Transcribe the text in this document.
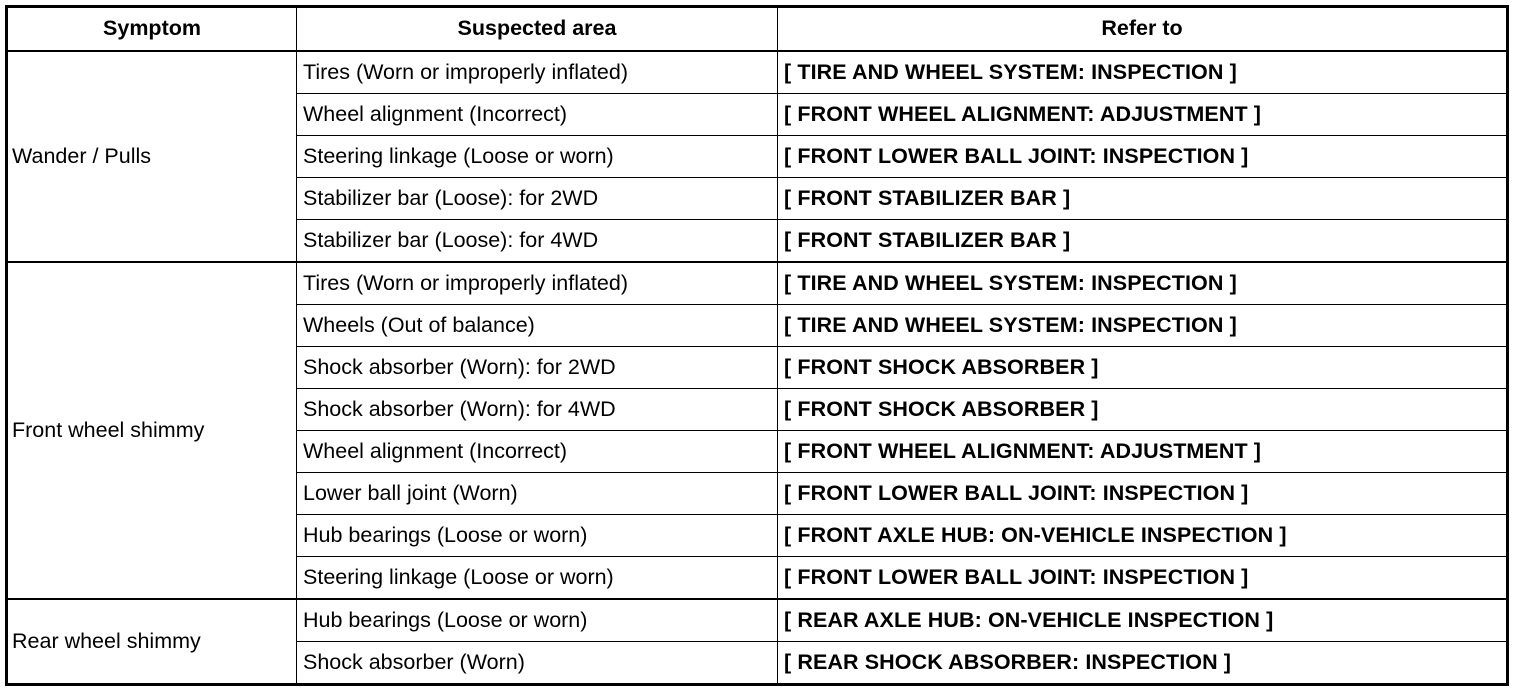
Symptom	Suspected area	Refer to
Wander / Pulls	Tires (Worn or improperly inflated)	[ TIRE AND WHEEL SYSTEM: INSPECTION ]
	Wheel alignment (Incorrect)	[ FRONT WHEEL ALIGNMENT: ADJUSTMENT ]
	Steering linkage (Loose or worn)	[ FRONT LOWER BALL JOINT: INSPECTION ]
	Stabilizer bar (Loose): for 2WD	[ FRONT STABILIZER BAR ]
	Stabilizer bar (Loose): for 4WD	[ FRONT STABILIZER BAR ]
Front wheel shimmy	Tires (Worn or improperly inflated)	[ TIRE AND WHEEL SYSTEM: INSPECTION ]
	Wheels (Out of balance)	[ TIRE AND WHEEL SYSTEM: INSPECTION ]
	Shock absorber (Worn): for 2WD	[ FRONT SHOCK ABSORBER ]
	Shock absorber (Worn): for 4WD	[ FRONT SHOCK ABSORBER ]
	Wheel alignment (Incorrect)	[ FRONT WHEEL ALIGNMENT: ADJUSTMENT ]
	Lower ball joint (Worn)	[ FRONT LOWER BALL JOINT: INSPECTION ]
	Hub bearings (Loose or worn)	[ FRONT AXLE HUB: ON-VEHICLE INSPECTION ]
	Steering linkage (Loose or worn)	[ FRONT LOWER BALL JOINT: INSPECTION ]
Rear wheel shimmy	Hub bearings (Loose or worn)	[ REAR AXLE HUB: ON-VEHICLE INSPECTION ]
	Shock absorber (Worn)	[ REAR SHOCK ABSORBER: INSPECTION ]
